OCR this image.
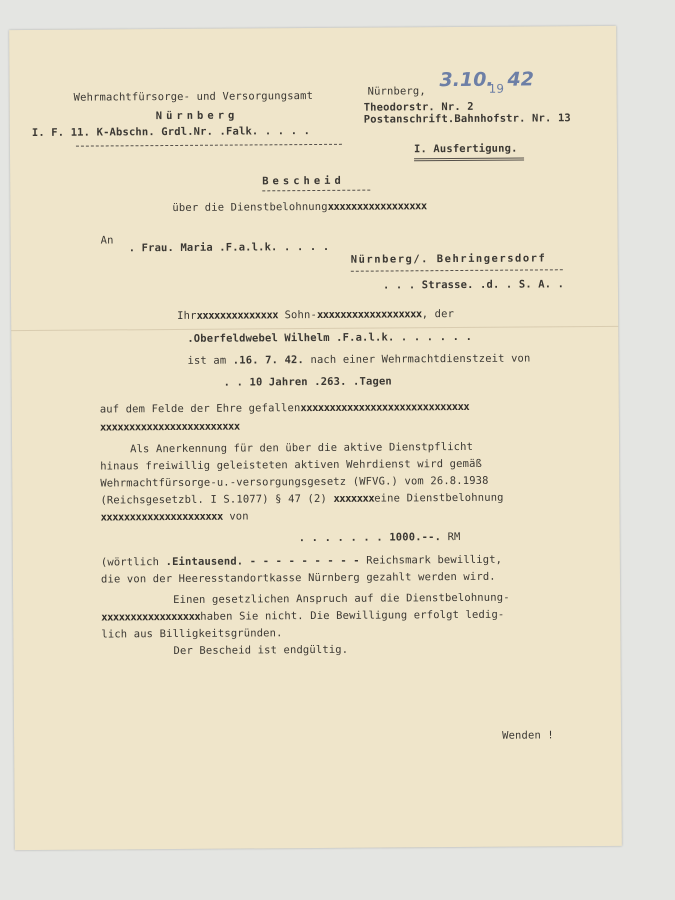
Wehrmachtfürsorge- und Versorgungsamt
Nürnberg
I. F. 11. K-Abschn. Grdl.Nr. .Falk. . . . .
Nürnberg,
3.10.
19 42
Theodorstr. Nr. 2
Postanschrift.Bahnhofstr. Nr. 13
I. Ausfertigung.
Bescheid
über die Dienstbelohnungxxxxxxxxxxxxxxxxx
An
. Frau. Maria .F.a.l.k. . . . .
Nürnberg/. Behringersdorf
. . . Strasse. .d. . S. A. .
Ihrxxxxxxxxxxxxxx Sohn-xxxxxxxxxxxxxxxxxx, der
.Oberfeldwebel Wilhelm .F.a.l.k. . . . . . .
ist am .16. 7. 42. nach einer Wehrmachtdienstzeit von
. . 10 Jahren .263. .Tagen
auf dem Felde der Ehre gefallenxxxxxxxxxxxxxxxxxxxxxxxxxxxxx
xxxxxxxxxxxxxxxxxxxxxxxx
Als Anerkennung für den über die aktive Dienstpflicht
hinaus freiwillig geleisteten aktiven Wehrdienst wird gemäß
Wehrmachtfürsorge-u.-versorgungsgesetz (WFVG.) vom 26.8.1938
(Reichsgesetzbl. I S.1077) § 47 (2) xxxxxxxeine Dienstbelohnung
xxxxxxxxxxxxxxxxxxxxx von
. . . . . . . 1000.--. RM
(wörtlich .Eintausend. - - - - - - - - - Reichsmark bewilligt,
die von der Heeresstandortkasse Nürnberg gezahlt werden wird.
Einen gesetzlichen Anspruch auf die Dienstbelohnung-
xxxxxxxxxxxxxxxxxhaben Sie nicht. Die Bewilligung erfolgt ledig-
lich aus Billigkeitsgründen.
Der Bescheid ist endgültig.
Wenden !
